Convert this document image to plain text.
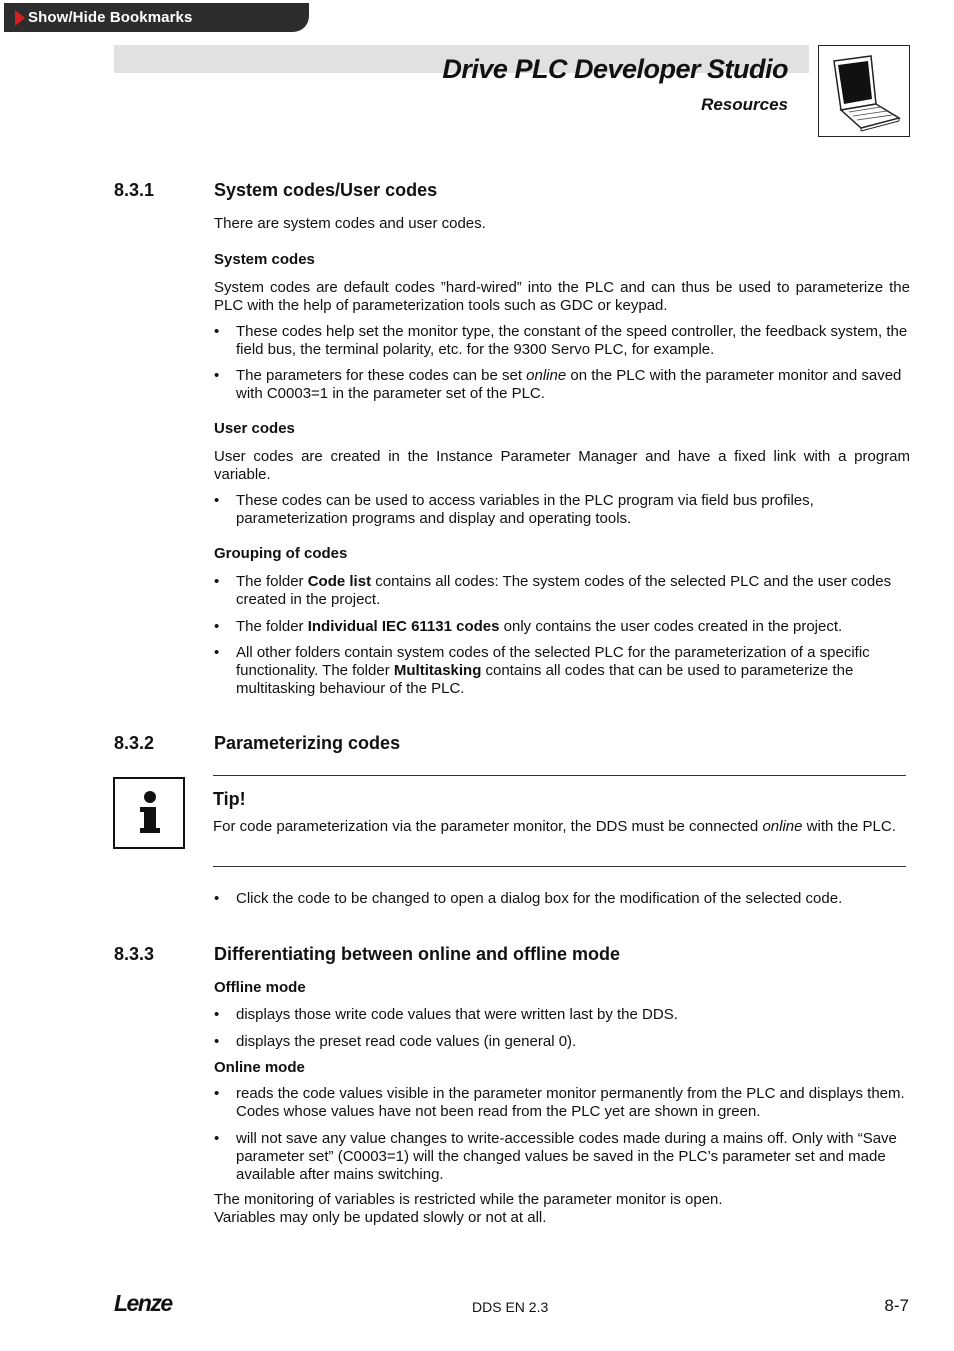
Show/Hide Bookmarks
Drive PLC Developer Studio
Resources
8.3.1	System codes/User codes
There are system codes and user codes.
System codes
System codes are default codes ”hard-wired” into the PLC and can thus be used to parameterize the PLC with the help of parameterization tools such as GDC or keypad.
• These codes help set the monitor type, the constant of the speed controller, the feedback system, the field bus, the terminal polarity, etc. for the 9300 Servo PLC, for example.
• The parameters for these codes can be set online on the PLC with the parameter monitor and saved with C0003=1 in the parameter set of the PLC.
User codes
User codes are created in the Instance Parameter Manager and have a fixed link with a program variable.
• These codes can be used to access variables in the PLC program via field bus profiles, parameterization programs and display and operating tools.
Grouping of codes
• The folder Code list contains all codes: The system codes of the selected PLC and the user codes created in the project.
• The folder Individual IEC 61131 codes only contains the user codes created in the project.
• All other folders contain system codes of the selected PLC for the parameterization of a specific functionality. The folder Multitasking contains all codes that can be used to parameterize the multitasking behaviour of the PLC.
8.3.2	Parameterizing codes
Tip!
For code parameterization via the parameter monitor, the DDS must be connected online with the PLC.
• Click the code to be changed to open a dialog box for the modification of the selected code.
8.3.3	Differentiating between online and offline mode
Offline mode
• displays those write code values that were written last by the DDS.
• displays the preset read code values (in general 0).
Online mode
• reads the code values visible in the parameter monitor permanently from the PLC and displays them. Codes whose values have not been read from the PLC yet are shown in green.
• will not save any value changes to write-accessible codes made during a mains off. Only with “Save parameter set” (C0003=1) will the changed values be saved in the PLC’s parameter set and made available after mains switching.
The monitoring of variables is restricted while the parameter monitor is open.
Variables may only be updated slowly or not at all.
Lenze	DDS EN 2.3	8-7
